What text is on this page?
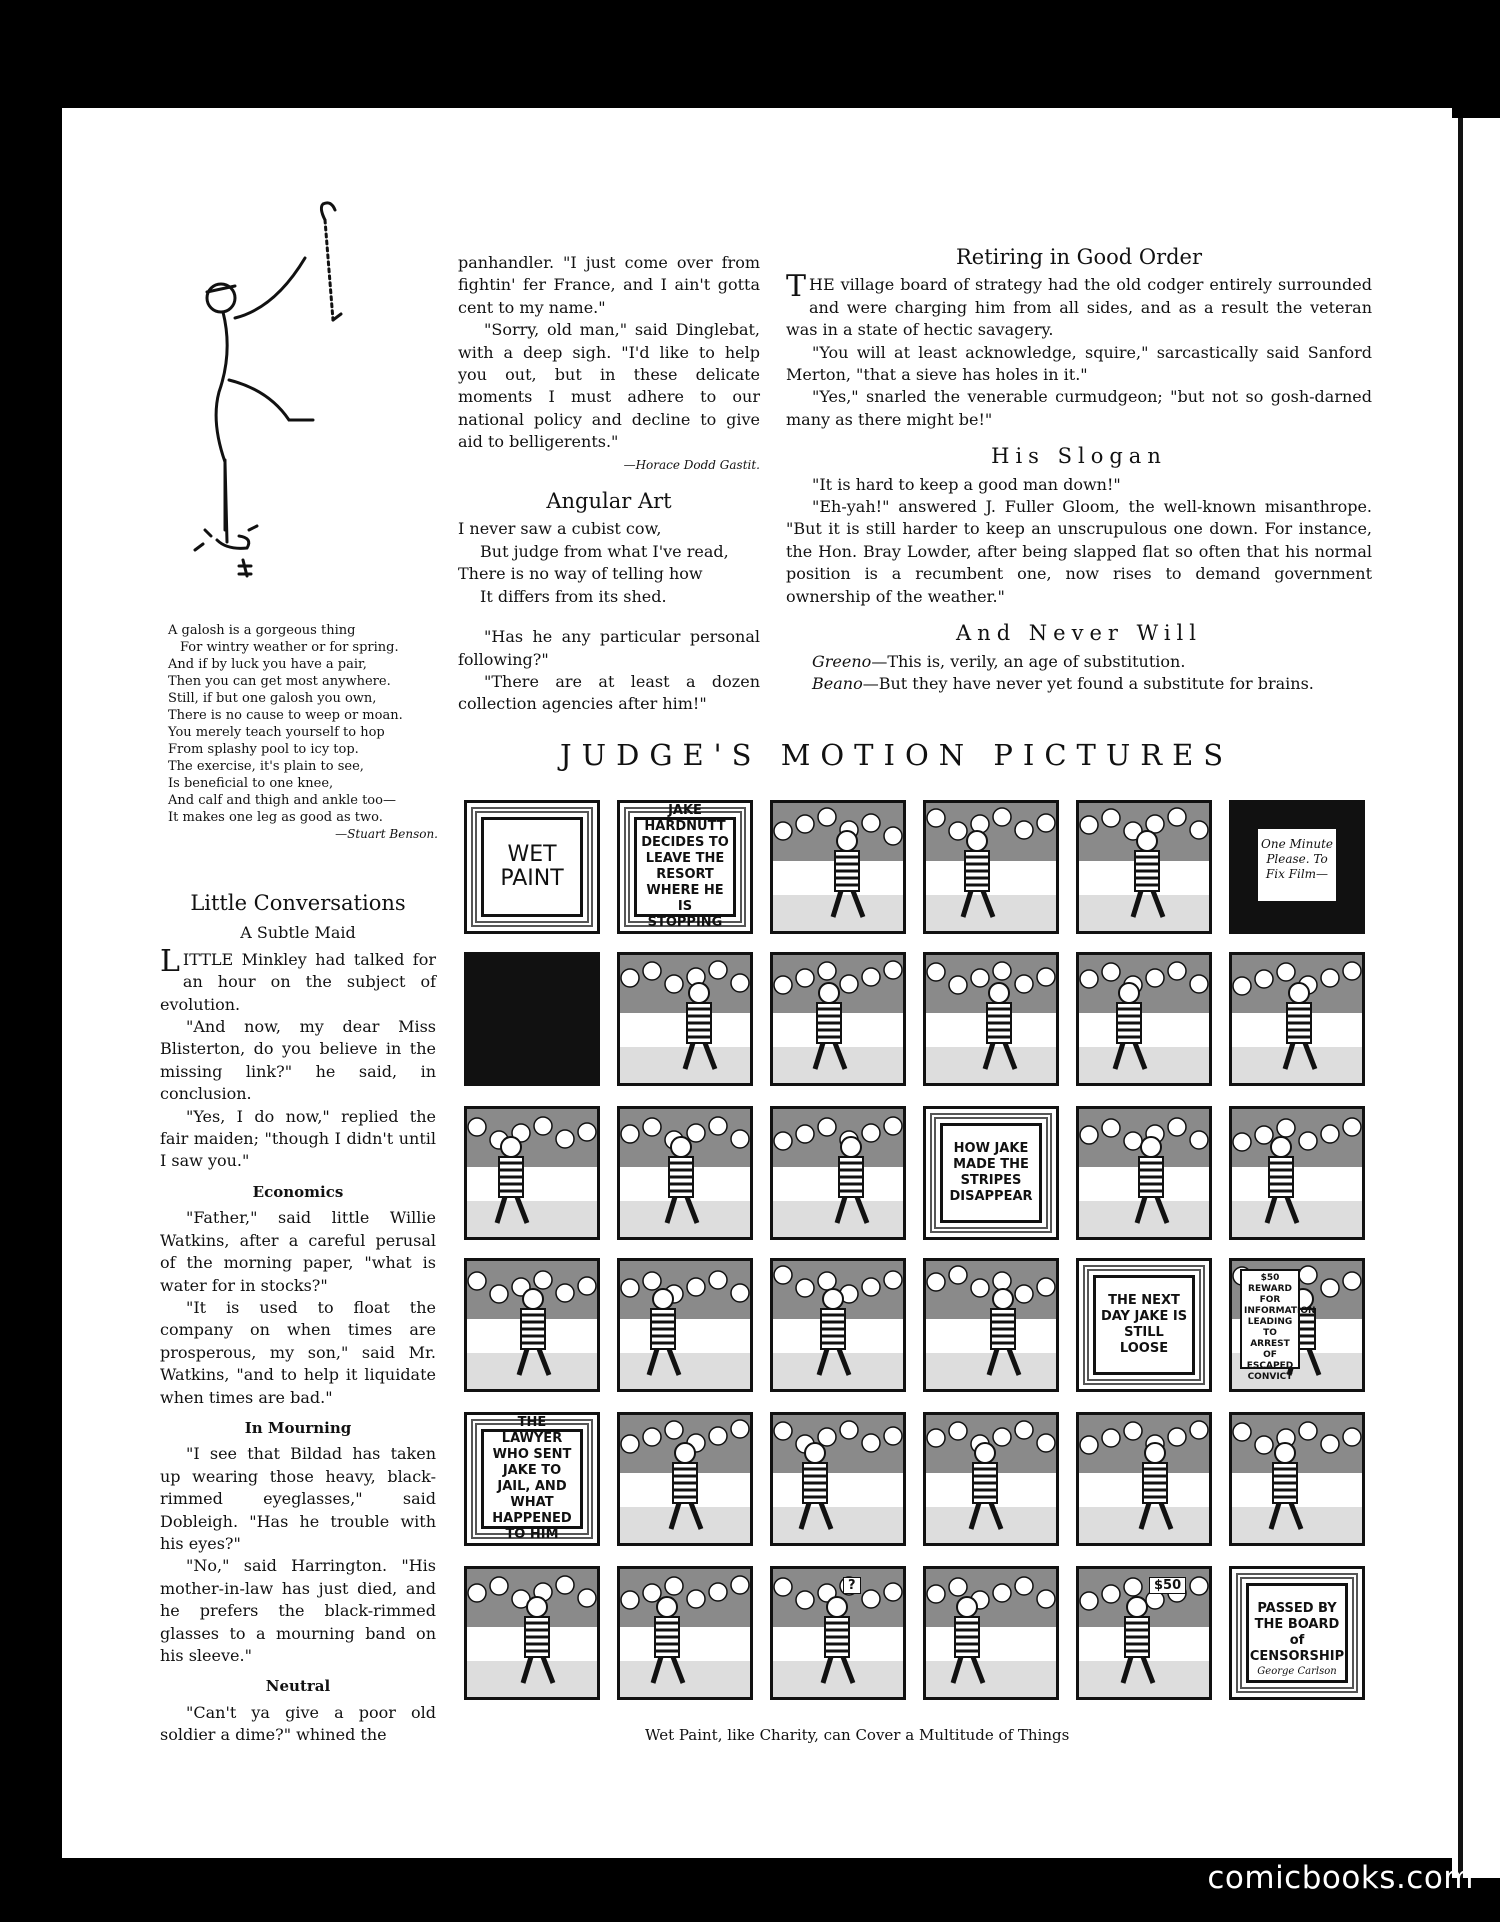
A galosh is a gorgeous thing

For wintry weather or for spring.

And if by luck you have a pair,

Then you can get most anywhere.

Still, if but one galosh you own,

There is no cause to weep or moan.

You merely teach yourself to hop

From splashy pool to icy top.

The exercise, it's plain to see,

Is beneficial to one knee,

And calf and thigh and ankle too—

It makes one leg as good as two.

—Stuart Benson.

Little Conversations
A Subtle Maid

LITTLE Minkley had talked for an hour on the subject of evolution.

"And now, my dear Miss Blisterton, do you believe in the missing link?" he said, in conclusion.

"Yes, I do now," replied the fair maiden; "though I didn't until I saw you."

Economics

"Father," said little Willie Watkins, after a careful perusal of the morning paper, "what is water for in stocks?"

"It is used to float the company on when times are prosperous, my son," said Mr. Watkins, "and to help it liquidate when times are bad."

In Mourning

"I see that Bildad has taken up wearing those heavy, black-rimmed eyeglasses," said Dobleigh. "Has he trouble with his eyes?"

"No," said Harrington. "His mother-in-law has just died, and he prefers the black-rimmed glasses to a mourning band on his sleeve."

Neutral

"Can't ya give a poor old soldier a dime?" whined the

panhandler. "I just come over from fightin' fer France, and I ain't gotta cent to my name."

"Sorry, old man," said Dinglebat, with a deep sigh. "I'd like to help you out, but in these delicate moments I must adhere to our national policy and decline to give aid to belligerents."

—Horace Dodd Gastit.

Angular Art

I never saw a cubist cow,

But judge from what I've read,

There is no way of telling how

It differs from its shed.

"Has he any particular personal following?"

"There are at least a dozen collection agencies after him!"

Retiring in Good Order

THE village board of strategy had the old codger entirely surrounded and were charging him from all sides, and as a result the veteran was in a state of hectic savagery.

"You will at least acknowledge, squire," sarcastically said Sanford Merton, "that a sieve has holes in it."

"Yes," snarled the venerable curmudgeon; "but not so gosh-darned many as there might be!"

His Slogan

"It is hard to keep a good man down!"

"Eh-yah!" answered J. Fuller Gloom, the well-known misanthrope. "But it is still harder to keep an unscrupulous one down. For instance, the Hon. Bray Lowder, after being slapped flat so often that his normal position is a recumbent one, now rises to demand government ownership of the weather."

And Never Will

Greeno—This is, verily, an age of substitution.

Beano—But they have never yet found a substitute for brains.

JUDGE'S MOTION PICTURES
WET PAINT
JAKE HARDNUTT DECIDES TO LEAVE THE RESORT WHERE HE IS STOPPING
One Minute Please. To Fix Film—
HOW JAKE MADE THE STRIPES DISAPPEAR
THE NEXT DAY JAKE IS STILL LOOSE
$50 REWARD FOR INFORMATION LEADING TO ARREST OF ESCAPED CONVICT
THE LAWYER WHO SENT JAKE TO JAIL, AND WHAT HAPPENED TO HIM
?	$50
PASSED BY THE BOARD of CENSORSHIP
George Carlson
Wet Paint, like Charity, can Cover a Multitude of Things
comicbooks.com
